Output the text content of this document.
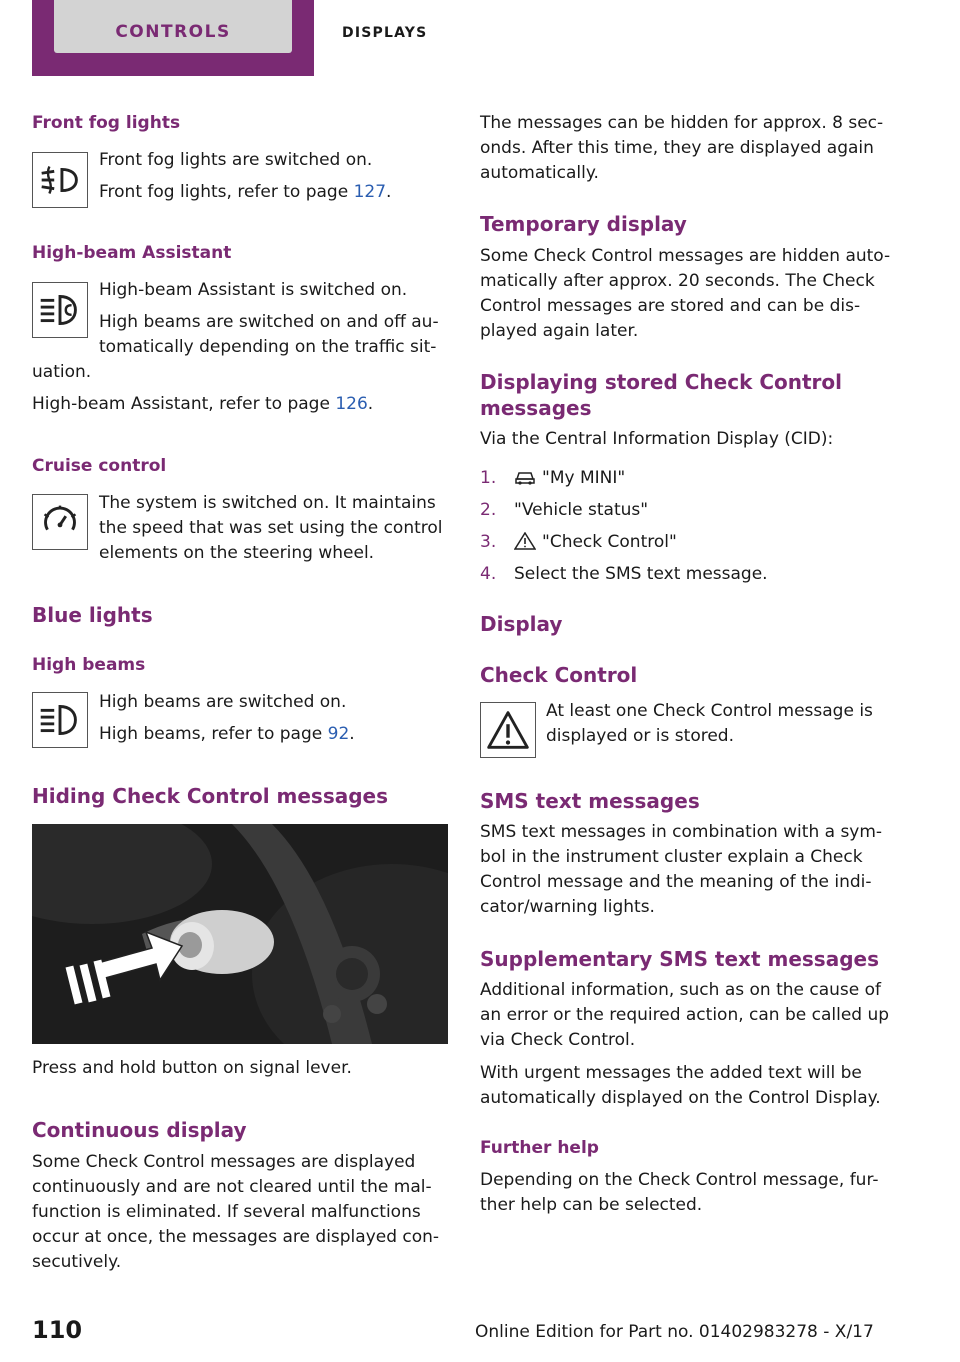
CONTROLS	DISPLAYS
Front fog lights
Front fog lights are switched on.
Front fog lights, refer to page 127.
High-beam Assistant
High-beam Assistant is switched on.
High beams are switched on and off au-
tomatically depending on the traffic sit-
uation.
High-beam Assistant, refer to page 126.
Cruise control
The system is switched on. It maintains
the speed that was set using the control
elements on the steering wheel.
Blue lights
High beams
High beams are switched on.
High beams, refer to page 92.
Hiding Check Control messages
Press and hold button on signal lever.
Continuous display
Some Check Control messages are displayed
continuously and are not cleared until the mal-
function is eliminated. If several malfunctions
occur at once, the messages are displayed con-
secutively.
The messages can be hidden for approx. 8 sec-
onds. After this time, they are displayed again
automatically.
Temporary display
Some Check Control messages are hidden auto-
matically after approx. 20 seconds. The Check
Control messages are stored and can be dis-
played again later.
Displaying stored Check Control
messages
Via the Central Information Display (CID):
1.	"My MINI"
2. "Vehicle status"
3.	"Check Control"
4. Select the SMS text message.
Display
Check Control
At least one Check Control message is
displayed or is stored.
SMS text messages
SMS text messages in combination with a sym-
bol in the instrument cluster explain a Check
Control message and the meaning of the indi-
cator/warning lights.
Supplementary SMS text messages
Additional information, such as on the cause of
an error or the required action, can be called up
via Check Control.
With urgent messages the added text will be
automatically displayed on the Control Display.
Further help
Depending on the Check Control message, fur-
ther help can be selected.
110	Online Edition for Part no. 01402983278 - X/17
